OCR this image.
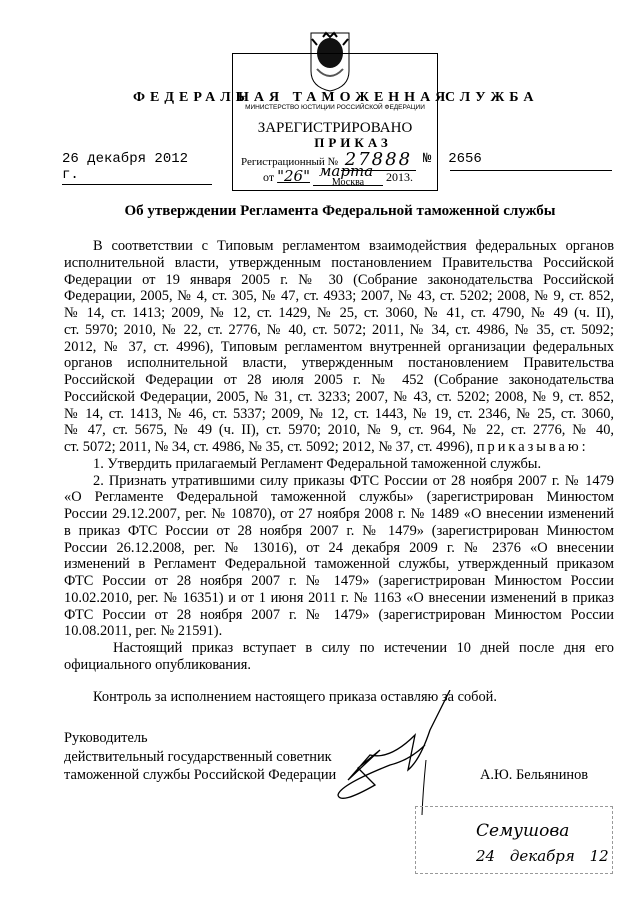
ФЕДЕРАЛЬ
НАЯ ТАМОЖЕННАЯ
СЛУЖБА
МИНИСТЕРСТВО ЮСТИЦИИ РОССИЙСКОЙ ФЕДЕРАЦИИ
ЗАРЕГИСТРИРОВАНО
ПРИКАЗ
Регистрационный № 27888
от "26" марта
$_{Москва}$ 2013.
26 декабря 2012 г.
№ 2656
Об утверждении Регламента Федеральной таможенной службы
В соответствии с Типовым регламентом взаимодействия федеральных органов
исполнительной власти, утвержденным постановлением Правительства Российской
Федерации от 19 января 2005 г. № 30 (Собрание законодательства Российской
Федерации, 2005, № 4, ст. 305, № 47, ст. 4933; 2007, № 43, ст. 5202; 2008, № 9, ст. 852,
№ 14, ст. 1413; 2009, № 12, ст. 1429, № 25, ст. 3060, № 41, ст. 4790, № 49 (ч. II),
ст. 5970; 2010, № 22, ст. 2776, № 40, ст. 5072; 2011, № 34, ст. 4986, № 35, ст. 5092;
2012, № 37, ст. 4996), Типовым регламентом внутренней организации федеральных
органов исполнительной власти, утвержденным постановлением Правительства
Российской Федерации от 28 июля 2005 г. № 452 (Собрание законодательства
Российской Федерации, 2005, № 31, ст. 3233; 2007, № 43, ст. 5202; 2008, № 9, ст. 852,
№ 14, ст. 1413, № 46, ст. 5337; 2009, № 12, ст. 1443, № 19, ст. 2346, № 25, ст. 3060,
№ 47, ст. 5675, № 49 (ч. II), ст. 5970; 2010, № 9, ст. 964, № 22, ст. 2776, № 40,
ст. 5072; 2011, № 34, ст. 4986, № 35, ст. 5092; 2012, № 37, ст. 4996), приказываю:
1. Утвердить прилагаемый Регламент Федеральной таможенной службы.
2. Признать утратившими силу приказы ФТС России от 28 ноября 2007 г. № 1479
«О Регламенте Федеральной таможенной службы» (зарегистрирован Минюстом
России 29.12.2007, рег. № 10870), от 27 ноября 2008 г. № 1489 «О внесении изменений
в приказ ФТС России от 28 ноября 2007 г. № 1479» (зарегистрирован Минюстом
России 26.12.2008, рег. № 13016), от 24 декабря 2009 г. № 2376 «О внесении
изменений в Регламент Федеральной таможенной службы, утвержденный приказом
ФТС России от 28 ноября 2007 г. № 1479» (зарегистрирован Минюстом России
10.02.2010, рег. № 16351) и от 1 июня 2011 г. № 1163 «О внесении изменений в приказ
ФТС России от 28 ноября 2007 г. № 1479» (зарегистрирован Минюстом России
10.08.2011, рег. № 21591).
Настоящий приказ вступает в силу по истечении 10 дней после дня его
официального опубликования.
Контроль за исполнением настоящего приказа оставляю за собой.
Руководитель
действительный государственный советник
таможенной службы Российской Федерации	А.Ю. Бельянинов
Семушова
24 декабря 12
